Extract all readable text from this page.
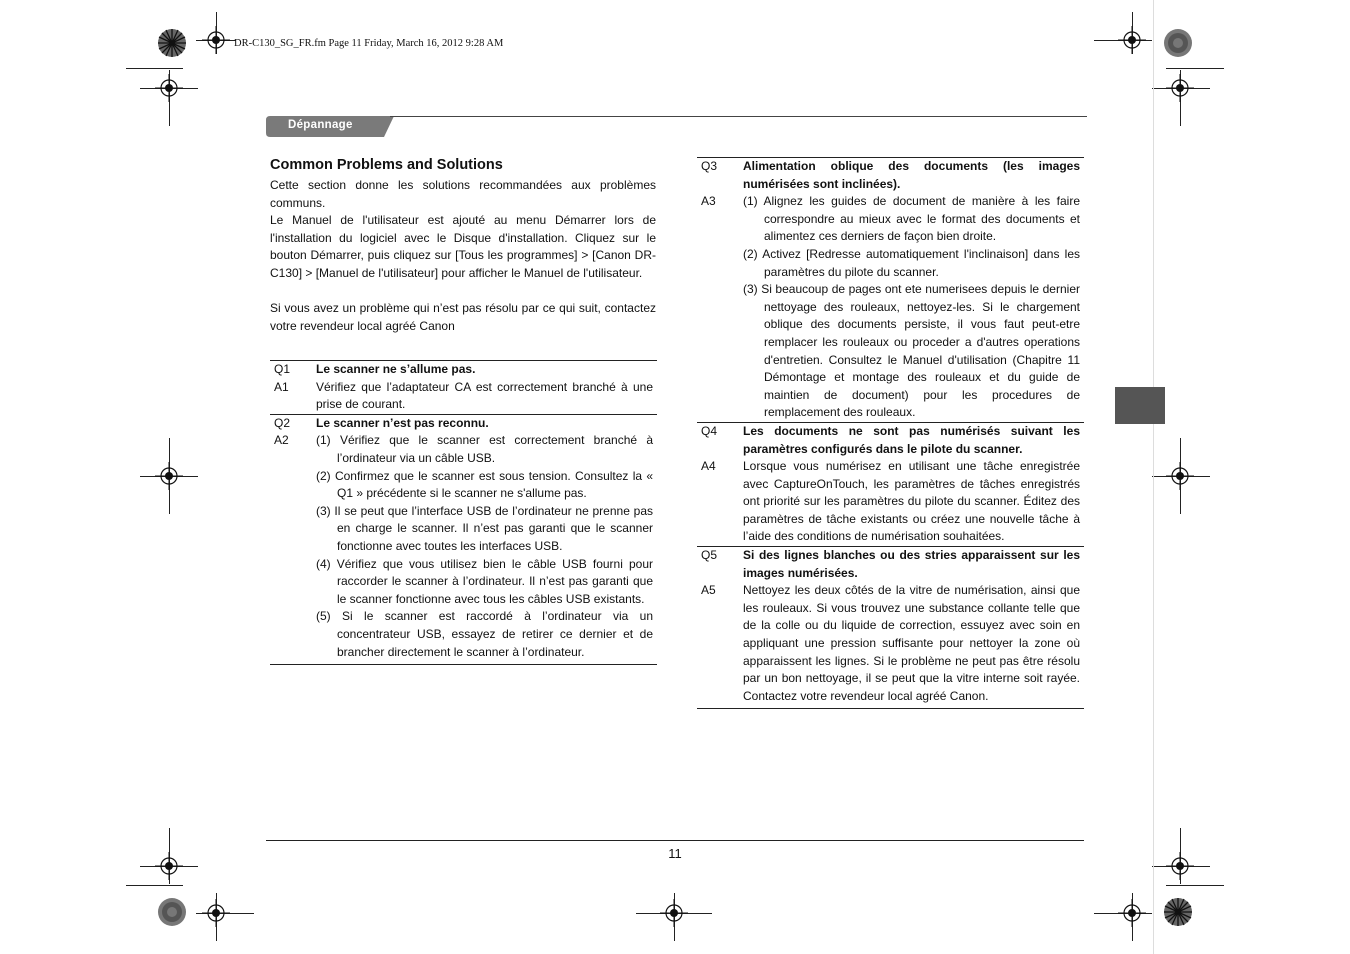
DR-C130_SG_FR.fm Page 11 Friday, March 16, 2012 9:28 AM
Dépannage
Common Problems and Solutions
Cette section donne les solutions recommandées aux problèmes communs.
Le Manuel de l'utilisateur est ajouté au menu Démarrer lors de l'installation du logiciel avec le Disque d'installation. Cliquez sur le bouton Démarrer, puis cliquez sur [Tous les programmes] > [Canon DR-C130] > [Manuel de l'utilisateur] pour afficher le Manuel de l'utilisateur.
Si vous avez un problème qui n’est pas résolu par ce qui suit, contactez votre revendeur local agréé Canon
Q1	Le scanner ne s’allume pas.
A1	Vérifiez que l’adaptateur CA est correctement branché à une prise de courant.
Q2	Le scanner n’est pas reconnu.
A2	(1) Vérifiez que le scanner est correctement branché à l’ordinateur via un câble USB.
(2) Confirmez que le scanner est sous tension. Consultez la « Q1 » précédente si le scanner ne s'allume pas.
(3) Il se peut que l’interface USB de l’ordinateur ne prenne pas en charge le scanner. Il n’est pas garanti que le scanner fonctionne avec toutes les interfaces USB.
(4) Vérifiez que vous utilisez bien le câble USB fourni pour raccorder le scanner à l’ordinateur. Il n’est pas garanti que le scanner fonctionne avec tous les câbles USB existants.
(5) Si le scanner est raccordé à l’ordinateur via un concentrateur USB, essayez de retirer ce dernier et de brancher directement le scanner à l’ordinateur.
Q3	Alimentation oblique des documents (les images numérisées sont inclinées).
A3	(1) Alignez les guides de document de manière à les faire correspondre au mieux avec le format des documents et alimentez ces derniers de façon bien droite.
(2) Activez [Redresse automatiquement l'inclinaison] dans les paramètres du pilote du scanner.
(3) Si beaucoup de pages ont ete numerisees depuis le dernier nettoyage des rouleaux, nettoyez-les. Si le chargement oblique des documents persiste, il vous faut peut-etre remplacer les rouleaux ou proceder a d'autres operations d'entretien. Consultez le Manuel d'utilisation (Chapitre 11 Démontage et montage des rouleaux et du guide de maintien de document) pour les procedures de remplacement des rouleaux.
Q4	Les documents ne sont pas numérisés suivant les paramètres configurés dans le pilote du scanner.
A4	Lorsque vous numérisez en utilisant une tâche enregistrée avec CaptureOnTouch, les paramètres de tâches enregistrés ont priorité sur les paramètres du pilote du scanner. Éditez des paramètres de tâche existants ou créez une nouvelle tâche à l’aide des conditions de numérisation souhaitées.
Q5	Si des lignes blanches ou des stries apparaissent sur les images numérisées.
A5	Nettoyez les deux côtés de la vitre de numérisation, ainsi que les rouleaux. Si vous trouvez une substance collante telle que de la colle ou du liquide de correction, essuyez avec soin en appliquant une pression suffisante pour nettoyer la zone où apparaissent les lignes. Si le problème ne peut pas être résolu par un bon nettoyage, il se peut que la vitre interne soit rayée. Contactez votre revendeur local agréé Canon.
11
